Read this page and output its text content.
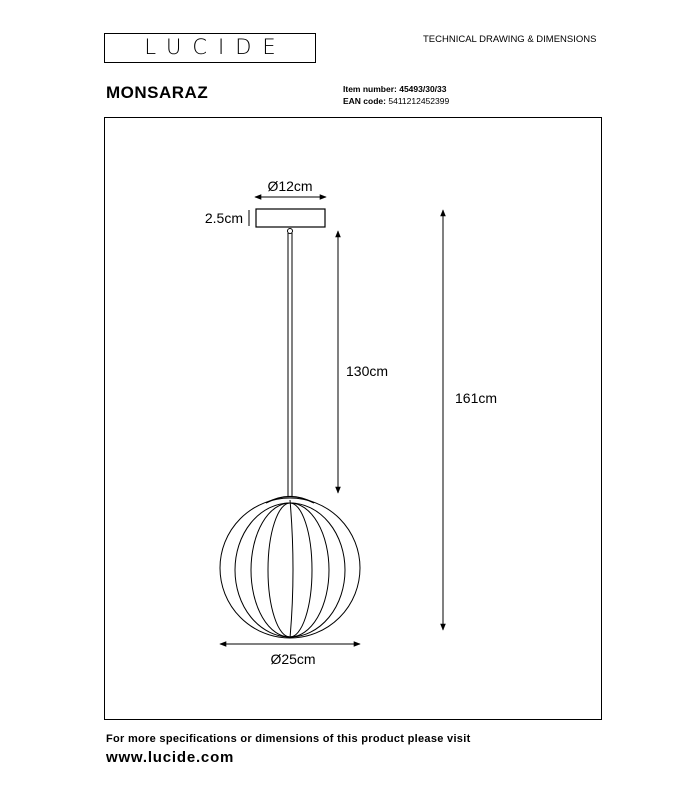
LUCIDE	TECHNICAL DRAWING & DIMENSIONS
MONSARAZ	Item number: 45493/30/33
EAN code: 5411212452399
Ø12cm
2.5cm
130cm
161cm
Ø25cm
For more specifications or dimensions of this product please visit
www.lucide.com
